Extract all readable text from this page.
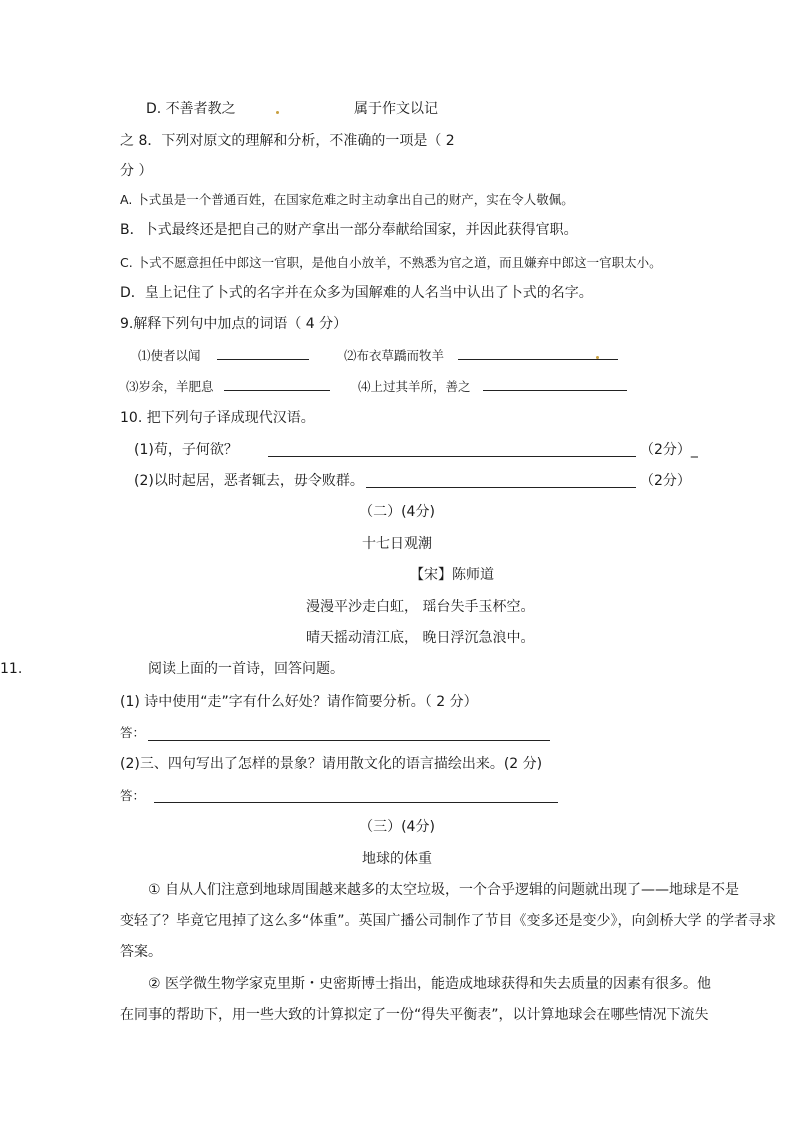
D. 不善者教之	属于作文以记
之 8．下列对原文的理解和分析，不准确的一项是（ 2
分 ）
A. 卜式虽是一个普通百姓，在国家危难之时主动拿出自己的财产，实在令人敬佩。
B．卜式最终还是把自己的财产拿出一部分奉献给国家，并因此获得官职。
C. 卜式不愿意担任中郎这一官职，是他自小放羊，不熟悉为官之道，而且嫌弃中郎这一官职太小。
D．皇上记住了卜式的名字并在众多为国解难的人名当中认出了卜式的名字。
9.解释下列句中加点的词语（ 4 分）
⑴使者以闻	⑵布衣草蹻而牧羊
⑶岁余，羊肥息	⑷上过其羊所，善之
10. 把下列句子译成现代汉语。
(1)苟，子何欲？	（2分）_
(2)以时起居，恶者辄去，毋令败群。	（2分）
（二）(4分)
十七日观潮
【宋】陈师道
漫漫平沙走白虹， 瑶台失手玉杯空。
晴天摇动清江底， 晚日浮沉急浪中。
11.	阅读上面的一首诗，回答问题。
(1) 诗中使用“走”字有什么好处？请作简要分析。（ 2 分）
答：
(2)三、四句写出了怎样的景象？请用散文化的语言描绘出来。(2 分)
答：
（三）(4分)
地球的体重
① 自从人们注意到地球周围越来越多的太空垃圾，一个合乎逻辑的问题就出现了——地球是不是
变轻了？毕竟它甩掉了这么多“体重”。英国广播公司制作了节目《变多还是变少》，向剑桥大学 的学者寻求
答案。
② 医学微生物学家克里斯・史密斯博士指出，能造成地球获得和失去质量的因素有很多。他
在同事的帮助下，用一些大致的计算拟定了一份“得失平衡表”，以计算地球会在哪些情况下流失
